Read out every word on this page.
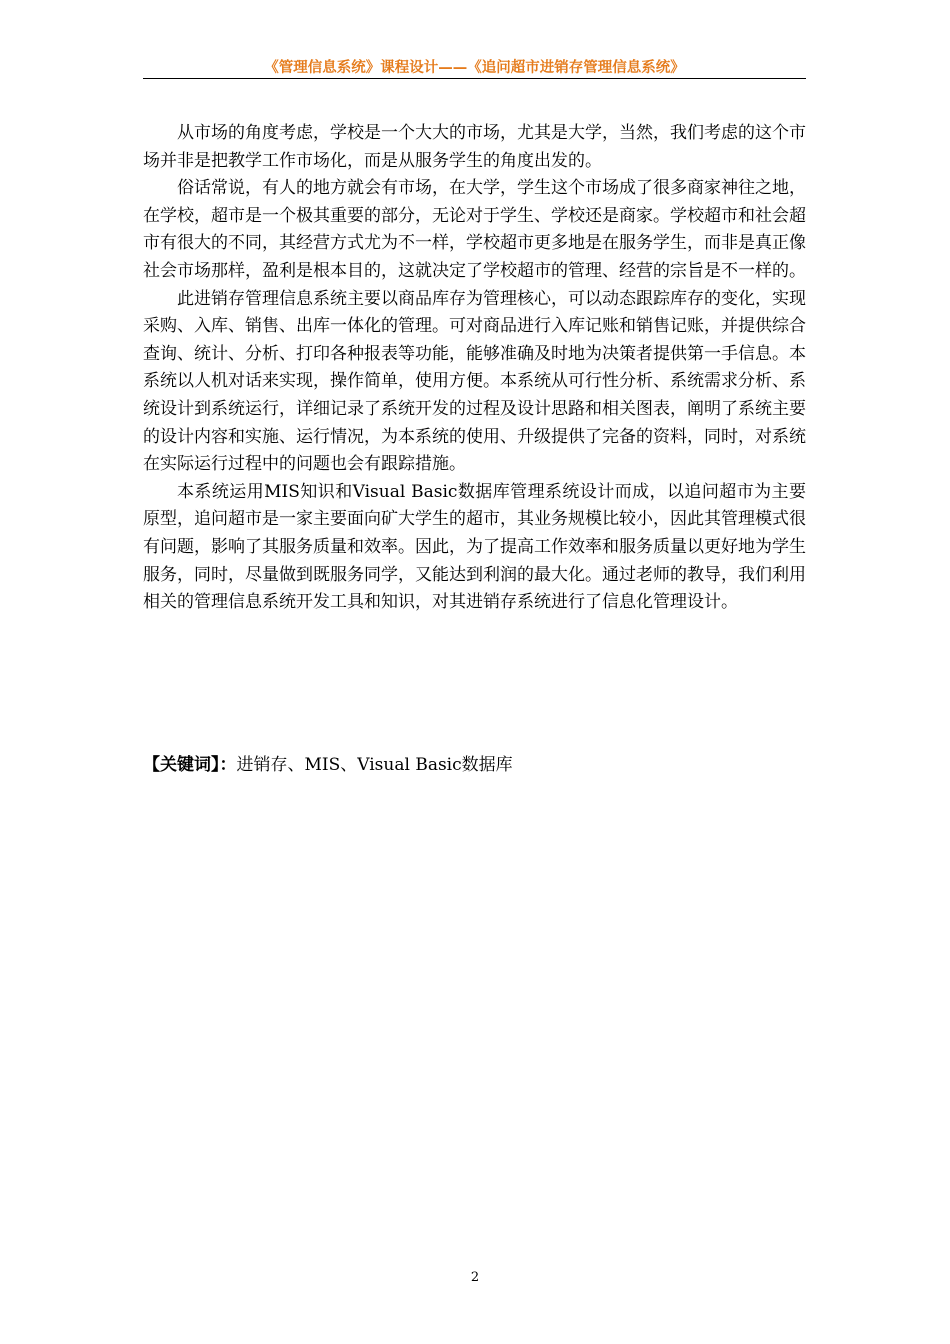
《管理信息系统》课程设计——《追问超市进销存管理信息系统》

从市场的角度考虑，学校是一个大大的市场，尤其是大学，当然，我们考虑的这个市场并非是把教学工作市场化，而是从服务学生的角度出发的。

俗话常说，有人的地方就会有市场，在大学，学生这个市场成了很多商家神往之地，在学校，超市是一个极其重要的部分，无论对于学生、学校还是商家。学校超市和社会超市有很大的不同，其经营方式尤为不一样，学校超市更多地是在服务学生，而非是真正像社会市场那样，盈利是根本目的，这就决定了学校超市的管理、经营的宗旨是不一样的。

此进销存管理信息系统主要以商品库存为管理核心，可以动态跟踪库存的变化，实现采购、入库、销售、出库一体化的管理。可对商品进行入库记账和销售记账，并提供综合查询、统计、分析、打印各种报表等功能，能够准确及时地为决策者提供第一手信息。本系统以人机对话来实现，操作简单，使用方便。本系统从可行性分析、系统需求分析、系统设计到系统运行，详细记录了系统开发的过程及设计思路和相关图表，阐明了系统主要的设计内容和实施、运行情况，为本系统的使用、升级提供了完备的资料，同时，对系统在实际运行过程中的问题也会有跟踪措施。

本系统运用MIS知识和Visual Basic数据库管理系统设计而成，以追问超市为主要原型，追问超市是一家主要面向矿大学生的超市，其业务规模比较小，因此其管理模式很有问题，影响了其服务质量和效率。因此，为了提高工作效率和服务质量以更好地为学生服务，同时，尽量做到既服务同学，又能达到利润的最大化。通过老师的教导，我们利用相关的管理信息系统开发工具和知识，对其进销存系统进行了信息化管理设计。

【关键词】：进销存、MIS、Visual Basic数据库
2
